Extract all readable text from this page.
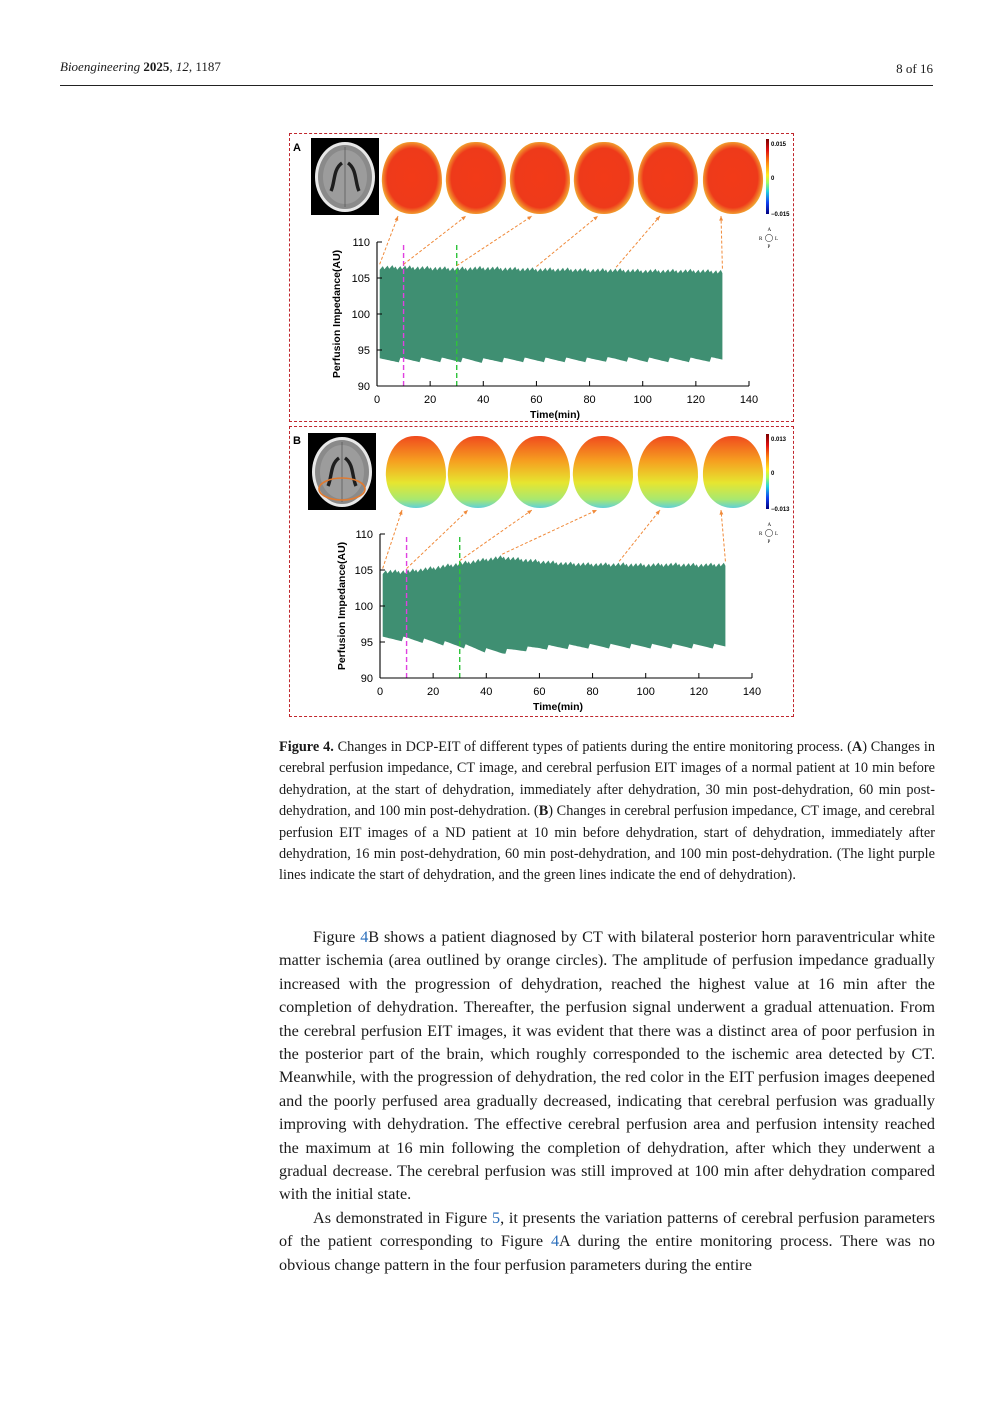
Bioengineering 2025, 12, 1187	8 of 16
A	0.015
0
−0.015
A
R	L
P
90
95
100
105
110
0	20	40	60	80	100	120	140
Time(min)
Perfusion Impedance(AU)
B	0.013
0
−0.013
A
R	L
P
90
95
100
105
110
0	20	40	60	80	100	120	140
Time(min)
Perfusion Impedance(AU)
Figure 4. Changes in DCP-EIT of different types of patients during the entire monitoring process. (A) Changes in cerebral perfusion impedance, CT image, and cerebral perfusion EIT images of a normal patient at 10 min before dehydration, at the start of dehydration, immediately after dehydration, 30 min post-dehydration, 60 min post-dehydration, and 100 min post-dehydration. (B) Changes in cerebral perfusion impedance, CT image, and cerebral perfusion EIT images of a ND patient at 10 min before dehydration, start of dehydration, immediately after dehydration, 16 min post-dehydration, 60 min post-dehydration, and 100 min post-dehydration. (The light purple lines indicate the start of dehydration, and the green lines indicate the end of dehydration).

Figure 4B shows a patient diagnosed by CT with bilateral posterior horn paraventricular white matter ischemia (area outlined by orange circles). The amplitude of perfusion impedance gradually increased with the progression of dehydration, reached the highest value at 16 min after the completion of dehydration. Thereafter, the perfusion signal underwent a gradual attenuation. From the cerebral perfusion EIT images, it was evident that there was a distinct area of poor perfusion in the posterior part of the brain, which roughly corresponded to the ischemic area detected by CT. Meanwhile, with the progression of dehydration, the red color in the EIT perfusion images deepened and the poorly perfused area gradually decreased, indicating that cerebral perfusion was gradually improving with dehydration. The effective cerebral perfusion area and perfusion intensity reached the maximum at 16 min following the completion of dehydration, after which they underwent a gradual decrease. The cerebral perfusion was still improved at 100 min after dehydration compared with the initial state.

As demonstrated in Figure 5, it presents the variation patterns of cerebral perfusion parameters of the patient corresponding to Figure 4A during the entire monitoring process. There was no obvious change pattern in the four perfusion parameters during the entire
